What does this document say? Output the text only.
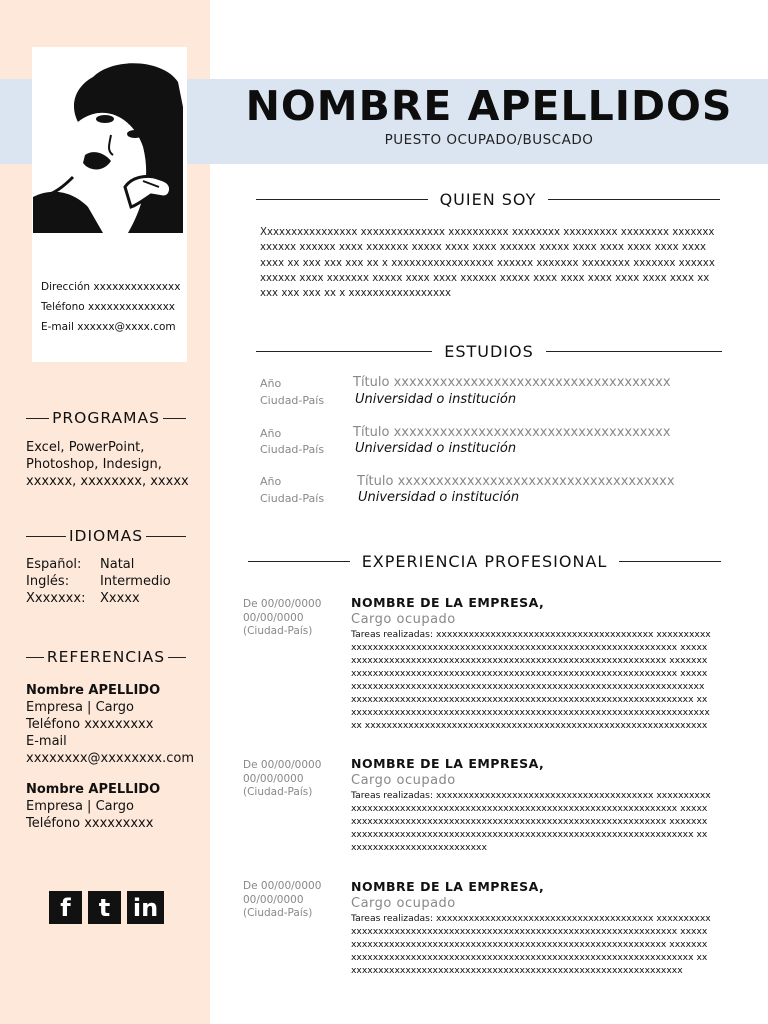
Dirección xxxxxxxxxxxxxx
Teléfono xxxxxxxxxxxxxx
E-mail xxxxxx@xxxx.com
NOMBRE APELLIDOS
PUESTO OCUPADO/BUSCADO
PROGRAMAS
Excel, PowerPoint,
Photoshop, Indesign,
xxxxxx, xxxxxxxx, xxxxx
IDIOMAS
Español:	Natal
Inglés:	Intermedio
Xxxxxxx:	Xxxxx
REFERENCIAS
Nombre APELLIDO
Empresa | Cargo
Teléfono xxxxxxxxx
E-mail
xxxxxxxx@xxxxxxxx.com
Nombre APELLIDO
Empresa | Cargo
Teléfono xxxxxxxxx
f	t in
QUIEN SOY
Xxxxxxxxxxxxxxxx xxxxxxxxxxxxxx xxxxxxxxxx xxxxxxxx xxxxxxxxx xxxxxxxx xxxxxxx xxxxxx xxxxxx xxxx xxxxxxx xxxxx xxxx xxxx xxxxxx xxxxx xxxx xxxx xxxx xxxx xxxx xxxx xx xxx xxx xxx xx x xxxxxxxxxxxxxxxxx xxxxxx xxxxxxx xxxxxxxx xxxxxxx xxxxxx xxxxxx xxxx xxxxxxx xxxxx xxxx xxxx xxxxxx xxxxx xxxx xxxx xxxx xxxx xxxx xxxx xx xxx xxx xxx xx x xxxxxxxxxxxxxxxxx
ESTUDIOS
Año
Ciudad-País
Título xxxxxxxxxxxxxxxxxxxxxxxxxxxxxxxxxxxx
Universidad o institución
Año
Ciudad-País
Título xxxxxxxxxxxxxxxxxxxxxxxxxxxxxxxxxxxx
Universidad o institución
Año
Ciudad-País
Título xxxxxxxxxxxxxxxxxxxxxxxxxxxxxxxxxxxx
Universidad o institución
EXPERIENCIA PROFESIONAL
De 00/00/0000
00/00/0000
(Ciudad-País)
NOMBRE DE LA EMPRESA,
Cargo ocupado
Tareas realizadas: xxxxxxxxxxxxxxxxxxxxxxxxxxxxxxxxxxxxxxxx xxxxxxxxxxxxxxxxxxxxxxxxxxxxxxxxxxxxxxxxxxxxxxxxxxxxxxxxxxxxxxxxxxxxxx xxxxxxxxxxxxxxxxxxxxxxxxxxxxxxxxxxxxxxxxxxxxxxxxxxxxxxxxxxxxxxx xxxxxxxxxxxxxxxxxxxxxxxxxxxxxxxxxxxxxxxxxxxxxxxxxxxxxxxxxxxxxxxxxxx xxxxxxxxxxxxxxxxxxxxxxxxxxxxxxxxxxxxxxxxxxxxxxxxxxxxxxxxxxxxxxxxxxxxxx xxxxxxxxxxxxxxxxxxxxxxxxxxxxxxxxxxxxxxxxxxxxxxxxxxxxxxxxxxxxxxx xxxxxxxxxxxxxxxxxxxxxxxxxxxxxxxxxxxxxxxxxxxxxxxxxxxxxxxxxxxxxxxxxxxxxx xxxxxxxxxxxxxxxxxxxxxxxxxxxxxxxxxxxxxxxxxxxxxxxxxxxxxxxxxxxxxxx
De 00/00/0000
00/00/0000
(Ciudad-País)
NOMBRE DE LA EMPRESA,
Cargo ocupado
Tareas realizadas: xxxxxxxxxxxxxxxxxxxxxxxxxxxxxxxxxxxxxxxx xxxxxxxxxxxxxxxxxxxxxxxxxxxxxxxxxxxxxxxxxxxxxxxxxxxxxxxxxxxxxxxxxxxxxx xxxxxxxxxxxxxxxxxxxxxxxxxxxxxxxxxxxxxxxxxxxxxxxxxxxxxxxxxxxxxxx xxxxxxxxxxxxxxxxxxxxxxxxxxxxxxxxxxxxxxxxxxxxxxxxxxxxxxxxxxxxxxxxxxxxxx xxxxxxxxxxxxxxxxxxxxxxxxxxx
De 00/00/0000
00/00/0000
(Ciudad-País)
NOMBRE DE LA EMPRESA,
Cargo ocupado
Tareas realizadas: xxxxxxxxxxxxxxxxxxxxxxxxxxxxxxxxxxxxxxxx xxxxxxxxxxxxxxxxxxxxxxxxxxxxxxxxxxxxxxxxxxxxxxxxxxxxxxxxxxxxxxxxxxxxxx xxxxxxxxxxxxxxxxxxxxxxxxxxxxxxxxxxxxxxxxxxxxxxxxxxxxxxxxxxxxxxx xxxxxxxxxxxxxxxxxxxxxxxxxxxxxxxxxxxxxxxxxxxxxxxxxxxxxxxxxxxxxxxxxxxxxx xxxxxxxxxxxxxxxxxxxxxxxxxxxxxxxxxxxxxxxxxxxxxxxxxxxxxxxxxxxxxxx
